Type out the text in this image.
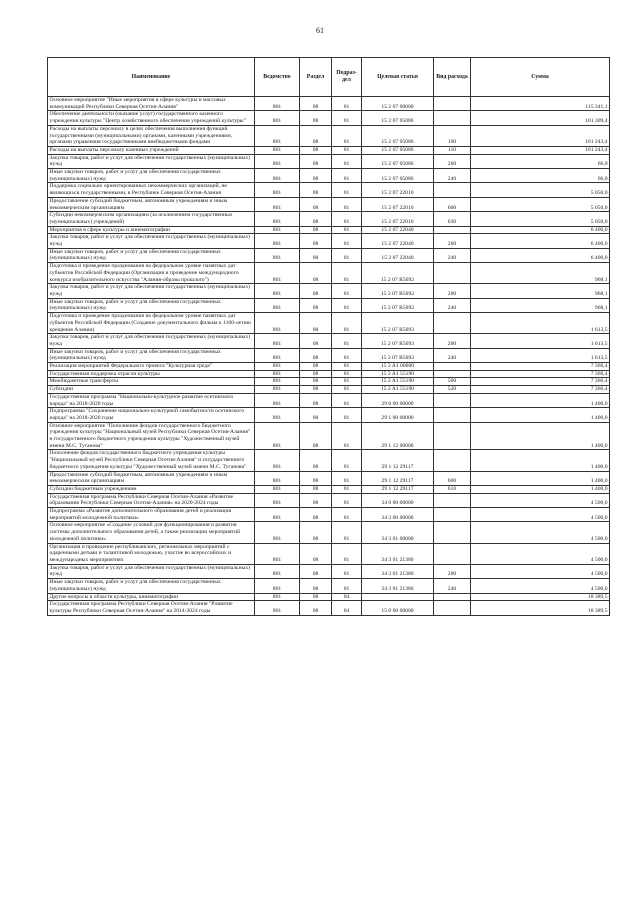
61
Наименование	Ведомство	Раздел	Подраз-дел	Целевая статья	Вид расхода	Сумма
Основное мероприятие "Иные мероприятия в сфере культуры и массовых коммуникаций Республики Северная Осетия-Алания"	801	08	01	15 2 07 00000		115 341,1
Обеспечение деятельности (оказание услуг) государственного казенного учреждения культуры "Центр хозяйственного обеспечения учреждений культуры"	801	08	01	15 2 07 05086		101 309,4
Расходы на выплаты персоналу в целях обеспечения выполнения функций государственными (муниципальными) органами, казенными учреждениями, органами управления государственными внебюджетными фондами	801	08	01	15 2 07 05086	100	101 243,4
Расходы на выплаты персоналу казенных учреждений	801	08	01	15 2 07 05086	110	101 243,4
Закупка товаров, работ и услуг для обеспечения государственных (муниципальных) нужд	801	08	01	15 2 07 05086	200	66,0
Иные закупки товаров, работ и услуг для обеспечения государственных (муниципальных) нужд	801	08	01	15 2 07 05086	240	66,0
Поддержка социально ориентированных некоммерческих организаций, не являющихся государственными, в Республике Северная Осетия-Алания	801	08	01	15 2 07 22010		5 050,0
Предоставление субсидий бюджетным, автономным учреждениям и иным некоммерческим организациям	801	08	01	15 2 07 22010	600	5 050,0
Субсидии некоммерческим организациям (за исключением государственных (муниципальных) учреждений)	801	08	01	15 2 07 22010	630	5 050,0
Мероприятия в сфере культуры и кинематографии	801	08	01	15 2 07 22040		6 400,0
Закупка товаров, работ и услуг для обеспечения государственных (муниципальных) нужд	801	08	01	15 2 07 22040	200	6 400,0
Иные закупки товаров, работ и услуг для обеспечения государственных (муниципальных) нужд	801	08	01	15 2 07 22040	240	6 400,0
Подготовка и проведение празднования на федеральном уровне памятных дат субъектов Российской Федерации (Организация и проведение международного конкурса изобразительного искусства "Алания-образы прошлого")	801	08	01	15 2 07 R5092		968,1
Закупка товаров, работ и услуг для обеспечения государственных (муниципальных) нужд	801	08	01	15 2 07 R5092	200	968,1
Иные закупки товаров, работ и услуг для обеспечения государственных (муниципальных) нужд	801	08	01	15 2 07 R5092	240	968,1
Подготовка и проведение празднования на федеральном уровне памятных дат субъектов Российской Федерации (Создание документального фильма к 1100-летию крещения Алании)	801	08	01	15 2 07 R5093		1 613,5
Закупка товаров, работ и услуг для обеспечения государственных (муниципальных) нужд	801	08	01	15 2 07 R5093	200	1 613,5
Иные закупки товаров, работ и услуг для обеспечения государственных (муниципальных) нужд	801	08	01	15 2 07 R5093	240	1 613,5
Реализация мероприятий Федерального проекта "Культурная среда"	801	08	01	15 2 A1 00000		7 366,4
Государственная поддержка отрасли культуры	801	08	01	15 2 A1 55190		7 366,4
Межбюджетные трансферты	801	08	01	15 2 A1 55190	500	7 366,4
Субсидии	801	08	01	15 2 A1 55190	520	7 366,4
Государственная программа "Национально-культурное развитие осетинского народа" на 2018-2020 годы	801	08	01	29 0 00 00000		1 400,0
Подпрограмма "Сохранение национально-культурной самобытности осетинского народа" на 2018-2020 годы	801	08	01	29 1 00 00000		1 400,0
Основное мероприятие "Пополнение фондов государственного бюджетного учреждения культуры "Национальный музей Республики Северная Осетия-Алания" и государственного бюджетного учреждения культуры "Художественный музей имени М.С. Туганова"	801	08	01	29 1 12 00000		1 400,0
Пополнение фондов государственного бюджетного учреждения культуры "Национальный музей Республики Северная Осетия-Алания" и государственного бюджетного учреждения культуры "Художественный музей имени М.С. Туганова"	801	08	01	29 1 12 29117		1 400,0
Предоставление субсидий бюджетным, автономным учреждениям и иным некоммерческим организациям	801	08	01	29 1 12 29117	600	1 400,0
Субсидии бюджетным учреждениям	801	08	01	29 1 12 29117	610	1 400,0
Государственная программа Республики Северная Осетия-Алания «Развитие образования Республики Северная Осетия-Алания» на 2020-2024 годы	801	08	01	34 0 00 00000		4 500,0
Подпрограмма «Развитие дополнительного образования детей и реализация мероприятий молодежной политики»	801	08	01	34 3 00 00000		4 500,0
Основное мероприятие «Создание условий для функционирования и развития системы дополнительного образования детей, а также реализации мероприятий молодежной политики»	801	08	01	34 3 01 00000		4 500,0
Организация и проведение республиканских, региональных мероприятий с одаренными детьми и талантливой молодежью, участие во всероссийских и международных мероприятиях	801	08	01	34 3 01 21380		4 500,0
Закупка товаров, работ и услуг для обеспечения государственных (муниципальных) нужд	801	08	01	34 3 01 21380	200	4 500,0
Иные закупки товаров, работ и услуг для обеспечения государственных (муниципальных) нужд	801	08	01	34 3 01 21380	240	4 500,0
Другие вопросы в области культуры, кинематографии	801	08	04			18 389,5
Государственная программа Республики Северная Осетия-Алания "Развитие культуры Республики Северная Осетия-Алания" на 2014-2024 годы	801	08	04	15 0 00 00000		18 389,5
